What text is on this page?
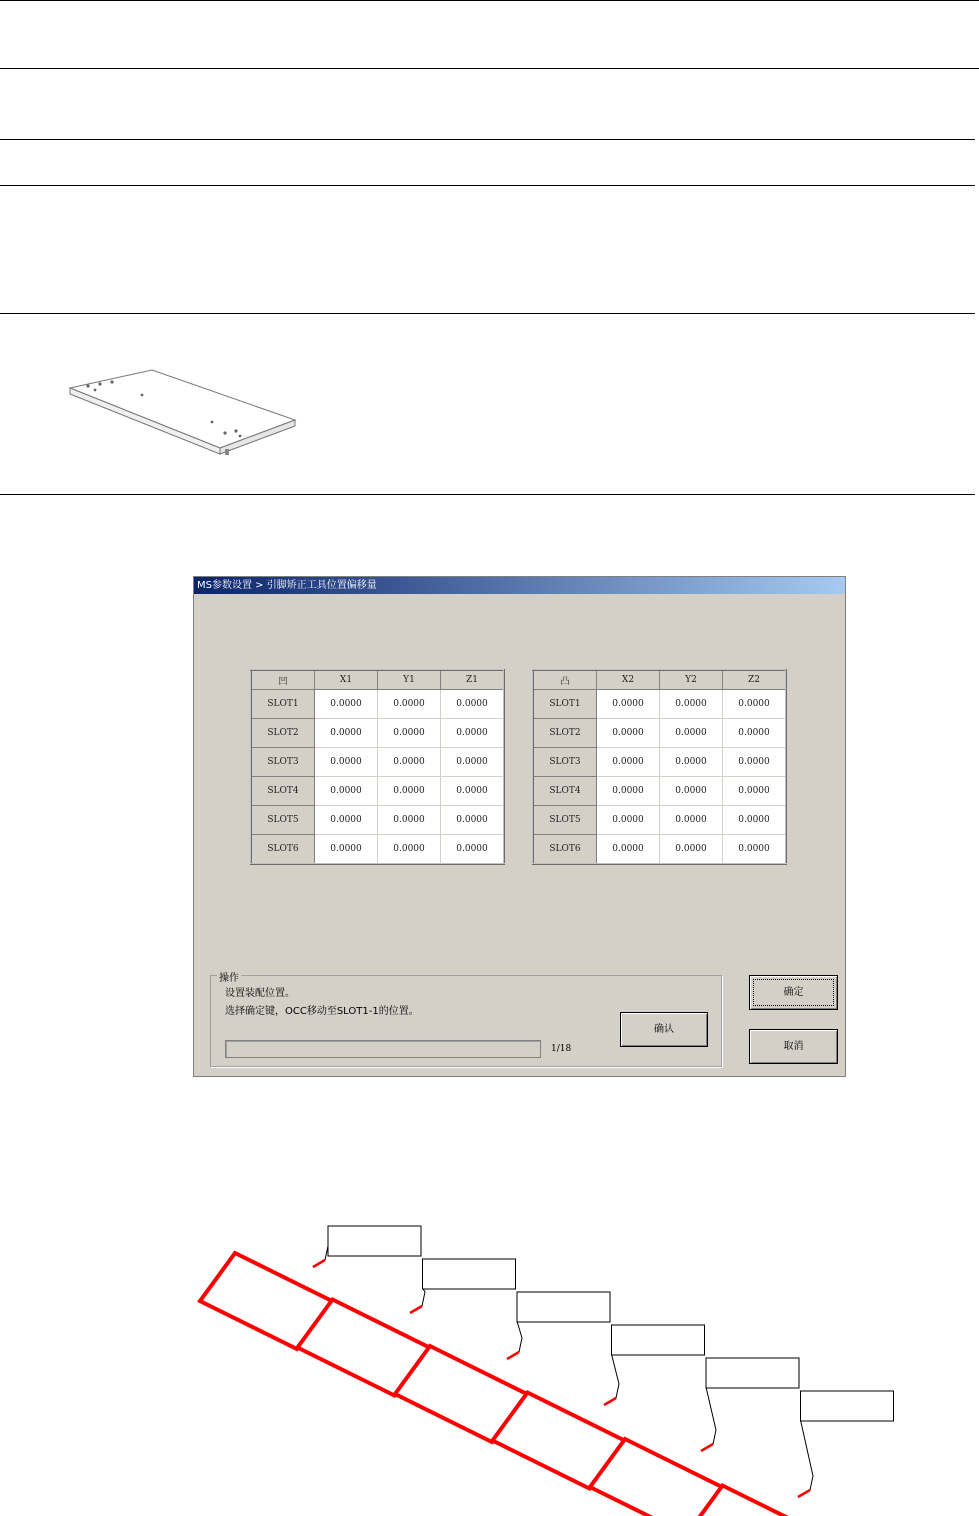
MS参数设置 > 引脚矫正工具位置偏移量
凹	X1	Y1	Z1
SLOT1	0.0000	0.0000	0.0000
SLOT2	0.0000	0.0000	0.0000
SLOT3	0.0000	0.0000	0.0000
SLOT4	0.0000	0.0000	0.0000
SLOT5	0.0000	0.0000	0.0000
SLOT6	0.0000	0.0000	0.0000
凸	X2	Y2	Z2
SLOT1	0.0000	0.0000	0.0000
SLOT2	0.0000	0.0000	0.0000
SLOT3	0.0000	0.0000	0.0000
SLOT4	0.0000	0.0000	0.0000
SLOT5	0.0000	0.0000	0.0000
SLOT6	0.0000	0.0000	0.0000
操作
设置装配位置。
选择确定键，OCC移动至SLOT1-1的位置。
1/18
确认
确定
取消
